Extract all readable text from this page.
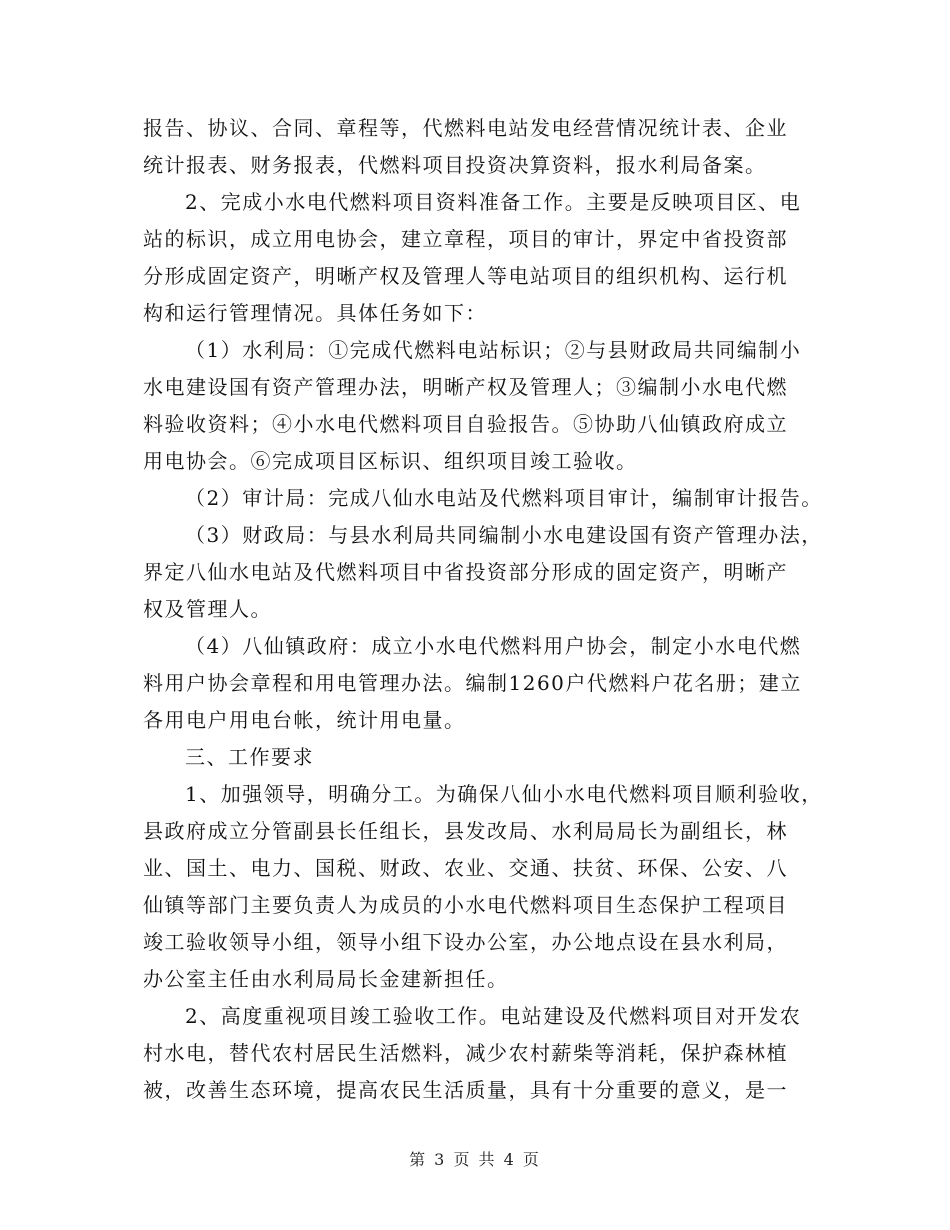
报告、协议、合同、章程等，代燃料电站发电经营情况统计表、企业
统计报表、财务报表，代燃料项目投资决算资料，报水利局备案。
2、完成小水电代燃料项目资料准备工作。主要是反映项目区、电
站的标识，成立用电协会，建立章程，项目的审计，界定中省投资部
分形成固定资产，明晰产权及管理人等电站项目的组织机构、运行机
构和运行管理情况。具体任务如下：
（1）水利局：①完成代燃料电站标识；②与县财政局共同编制小
水电建设国有资产管理办法，明晰产权及管理人；③编制小水电代燃
料验收资料；④小水电代燃料项目自验报告。⑤协助八仙镇政府成立
用电协会。⑥完成项目区标识、组织项目竣工验收。
（2）审计局：完成八仙水电站及代燃料项目审计，编制审计报告。
（3）财政局：与县水利局共同编制小水电建设国有资产管理办法，
界定八仙水电站及代燃料项目中省投资部分形成的固定资产，明晰产
权及管理人。
（4）八仙镇政府：成立小水电代燃料用户协会，制定小水电代燃
料用户协会章程和用电管理办法。编制1260户代燃料户花名册；建立
各用电户用电台帐，统计用电量。
三、工作要求
1、加强领导，明确分工。为确保八仙小水电代燃料项目顺利验收，
县政府成立分管副县长任组长，县发改局、水利局局长为副组长，林
业、国土、电力、国税、财政、农业、交通、扶贫、环保、公安、八
仙镇等部门主要负责人为成员的小水电代燃料项目生态保护工程项目
竣工验收领导小组，领导小组下设办公室，办公地点设在县水利局，
办公室主任由水利局局长金建新担任。
2、高度重视项目竣工验收工作。电站建设及代燃料项目对开发农
村水电，替代农村居民生活燃料，减少农村薪柴等消耗，保护森林植
被，改善生态环境，提高农民生活质量，具有十分重要的意义，是一
第 3 页 共 4 页
